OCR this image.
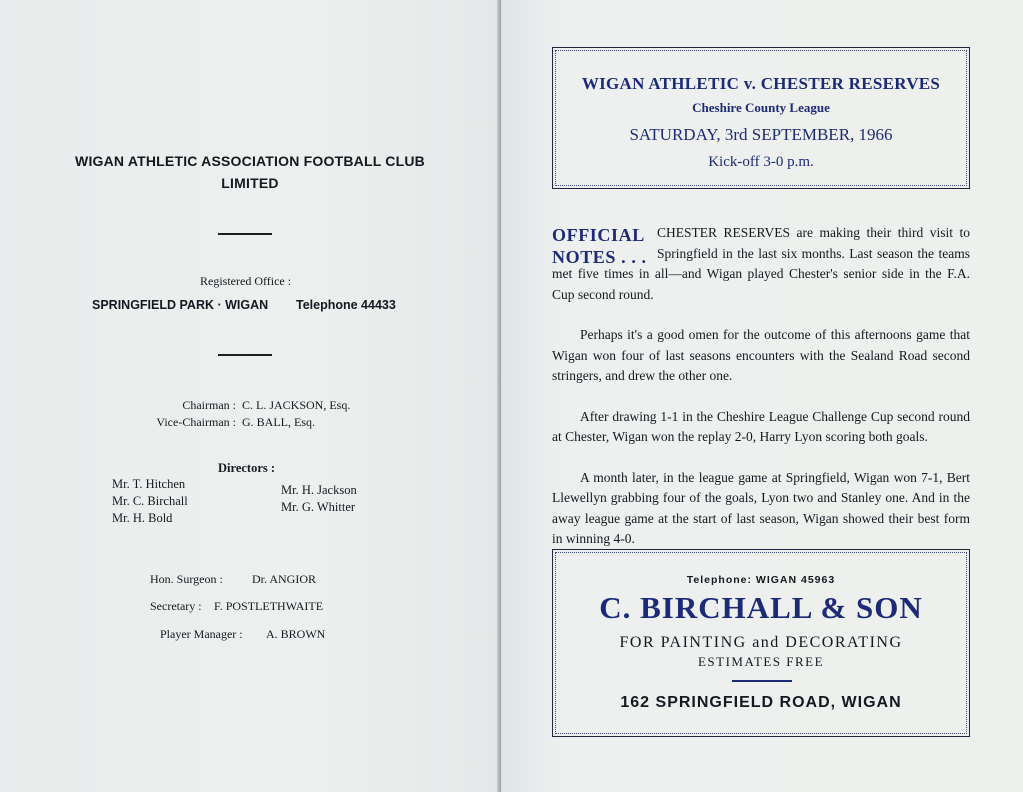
WIGAN ATHLETIC ASSOCIATION FOOTBALL CLUB
LIMITED
Registered Office :
SPRINGFIELD PARK · WIGAN Telephone 44433
Chairman : C. L. JACKSON, Esq.
Vice-Chairman : G. BALL, Esq.
Directors :
Mr. T. Hitchen
Mr. C. Birchall
Mr. H. Bold
Mr. H. Jackson
Mr. G. Whitter
Hon. Surgeon : Dr. ANGIOR
Secretary : F. POSTLETHWAITE
Player Manager : A. BROWN
WIGAN ATHLETIC v. CHESTER RESERVES
Cheshire County League
SATURDAY, 3rd SEPTEMBER, 1966
Kick-off 3-0 p.m.
OFFICIAL
NOTES . . .

CHESTER RESERVES are making their third visit to Springfield in the last six months. Last season the teams met five times in all—and Wigan played Chester's senior side in the F.A. Cup second round.

Perhaps it's a good omen for the outcome of this afternoons game that Wigan won four of last seasons encounters with the Sealand Road second stringers, and drew the other one.

After drawing 1-1 in the Cheshire League Challenge Cup second round at Chester, Wigan won the replay 2-0, Harry Lyon scoring both goals.

A month later, in the league game at Springfield, Wigan won 7-1, Bert Llewellyn grabbing four of the goals, Lyon two and Stanley one. And in the away league game at the start of last season, Wigan showed their best form in winning 4-0.

Telephone: WIGAN 45963
C. BIRCHALL & SON
FOR PAINTING and DECORATING
ESTIMATES FREE
162 SPRINGFIELD ROAD, WIGAN
